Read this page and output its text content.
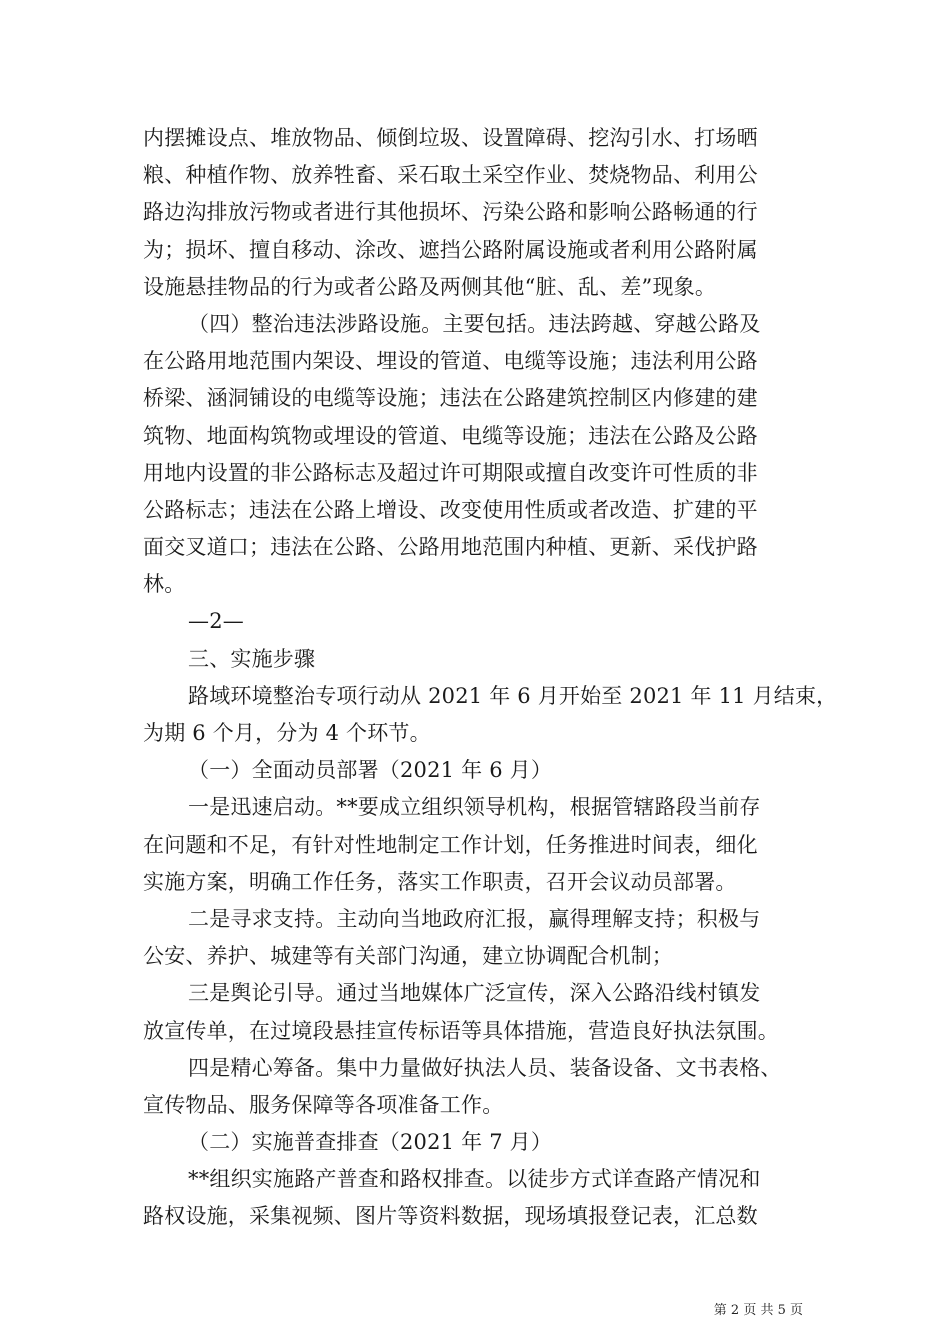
内摆摊设点、堆放物品、倾倒垃圾、设置障碍、挖沟引水、打场晒
粮、种植作物、放养牲畜、采石取土采空作业、焚烧物品、利用公
路边沟排放污物或者进行其他损坏、污染公路和影响公路畅通的行
为；损坏、擅自移动、涂改、遮挡公路附属设施或者利用公路附属
设施悬挂物品的行为或者公路及两侧其他“脏、乱、差”现象。
（四）整治违法涉路设施。主要包括。违法跨越、穿越公路及
在公路用地范围内架设、埋设的管道、电缆等设施；违法利用公路
桥梁、涵洞铺设的电缆等设施；违法在公路建筑控制区内修建的建
筑物、地面构筑物或埋设的管道、电缆等设施；违法在公路及公路
用地内设置的非公路标志及超过许可期限或擅自改变许可性质的非
公路标志；违法在公路上增设、改变使用性质或者改造、扩建的平
面交叉道口；违法在公路、公路用地范围内种植、更新、采伐护路
林。
—2—
三、实施步骤
路域环境整治专项行动从 2021 年 6 月开始至 2021 年 11 月结束，
为期 6 个月，分为 4 个环节。
（一）全面动员部署（2021 年 6 月）
一是迅速启动。**要成立组织领导机构，根据管辖路段当前存
在问题和不足，有针对性地制定工作计划，任务推进时间表，细化
实施方案，明确工作任务，落实工作职责，召开会议动员部署。
二是寻求支持。主动向当地政府汇报，赢得理解支持；积极与
公安、养护、城建等有关部门沟通，建立协调配合机制；
三是舆论引导。通过当地媒体广泛宣传，深入公路沿线村镇发
放宣传单，在过境段悬挂宣传标语等具体措施，营造良好执法氛围。
四是精心筹备。集中力量做好执法人员、装备设备、文书表格、
宣传物品、服务保障等各项准备工作。
（二）实施普查排查（2021 年 7 月）
**组织实施路产普查和路权排查。以徒步方式详查路产情况和
路权设施，采集视频、图片等资料数据，现场填报登记表，汇总数
第 2 页 共 5 页
